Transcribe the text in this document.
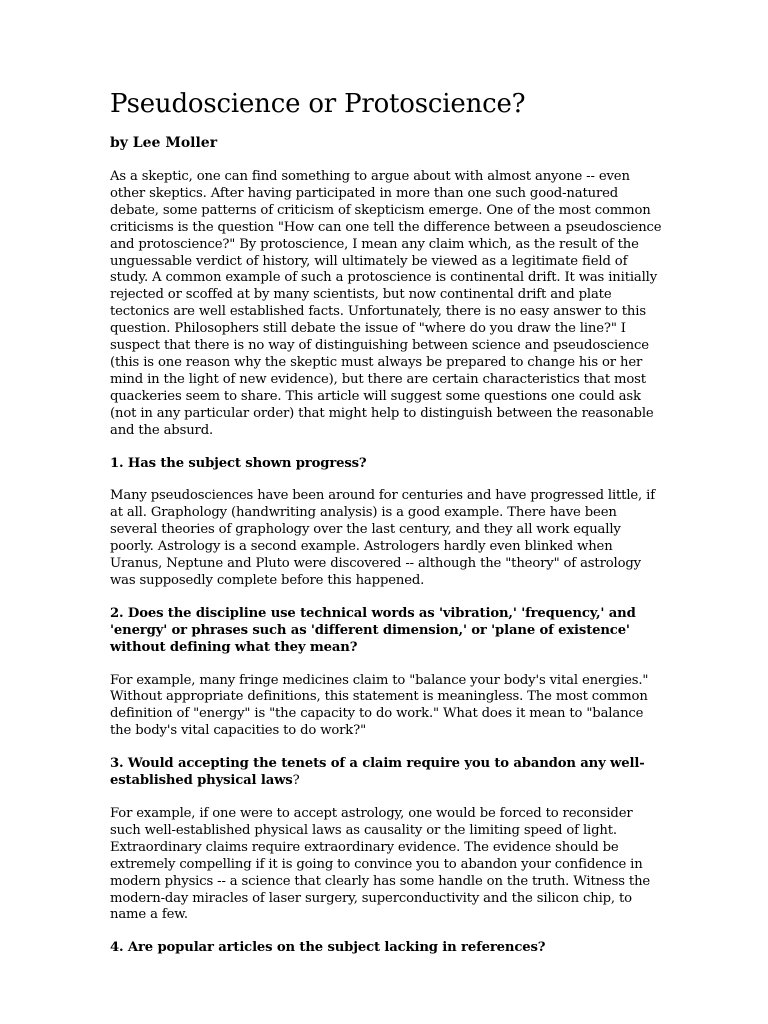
Pseudoscience or Protoscience?
by Lee Moller

As a skeptic, one can find something to argue about with almost anyone -- even other skeptics. After having participated in more than one such good-natured debate, some patterns of criticism of skepticism emerge. One of the most common criticisms is the question "How can one tell the difference between a pseudoscience and protoscience?" By protoscience, I mean any claim which, as the result of the unguessable verdict of history, will ultimately be viewed as a legitimate field of study. A common example of such a protoscience is continental drift. It was initially rejected or scoffed at by many scientists, but now continental drift and plate tectonics are well established facts. Unfortunately, there is no easy answer to this question. Philosophers still debate the issue of "where do you draw the line?" I suspect that there is no way of distinguishing between science and pseudoscience (this is one reason why the skeptic must always be prepared to change his or her mind in the light of new evidence), but there are certain characteristics that most quackeries seem to share. This article will suggest some questions one could ask (not in any particular order) that might help to distinguish between the reasonable and the absurd.

1. Has the subject shown progress?

Many pseudosciences have been around for centuries and have progressed little, if at all. Graphology (handwriting analysis) is a good example. There have been several theories of graphology over the last century, and they all work equally poorly. Astrology is a second example. Astrologers hardly even blinked when Uranus, Neptune and Pluto were discovered -- although the "theory" of astrology was supposedly complete before this happened.

2. Does the discipline use technical words as 'vibration,' 'frequency,' and 'energy' or phrases such as 'different dimension,' or 'plane of existence' without defining what they mean?

For example, many fringe medicines claim to "balance your body's vital energies." Without appropriate definitions, this statement is meaningless. The most common definition of "energy" is "the capacity to do work." What does it mean to "balance the body's vital capacities to do work?"

3. Would accepting the tenets of a claim require you to abandon any well-established physical laws?

For example, if one were to accept astrology, one would be forced to reconsider such well-established physical laws as causality or the limiting speed of light. Extraordinary claims require extraordinary evidence. The evidence should be extremely compelling if it is going to convince you to abandon your confidence in modern physics -- a science that clearly has some handle on the truth. Witness the modern-day miracles of laser surgery, superconductivity and the silicon chip, to name a few.

4. Are popular articles on the subject lacking in references?
